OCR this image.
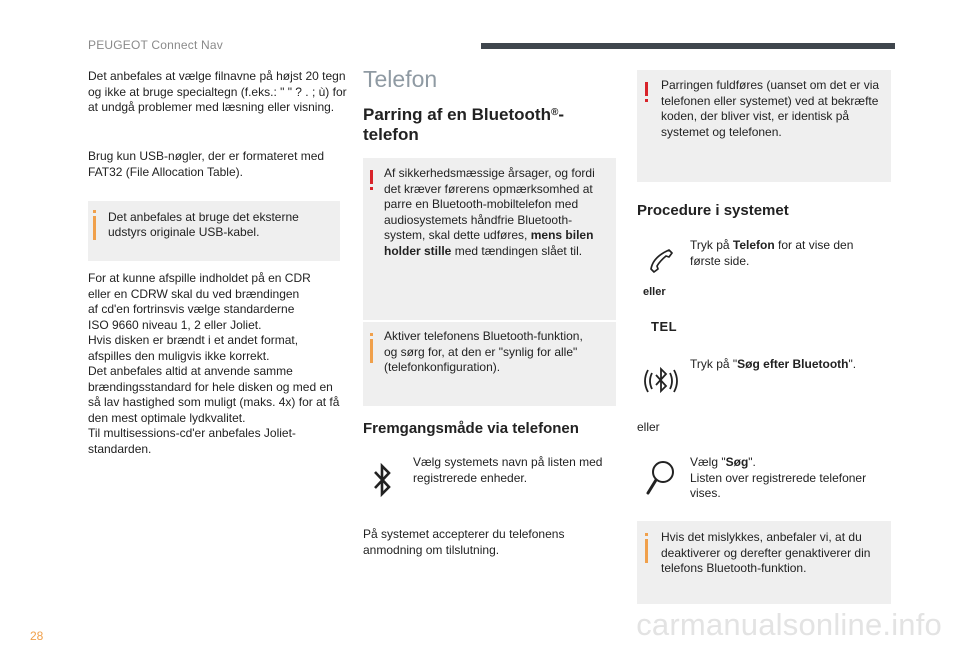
PEUGEOT Connect Nav

Det anbefales at vælge filnavne på højst 20 tegn

og ikke at bruge specialtegn (f.eks.: " " ? . ; ù) for

at undgå problemer med læsning eller visning.

Brug kun USB-nøgler, der er formateret med

FAT32 (File Allocation Table).

Det anbefales at bruge det eksterne

udstyrs originale USB-kabel.

For at kunne afspille indholdet på en CDR

eller en CDRW skal du ved brændingen

af cd'en fortrinsvis vælge standarderne

ISO 9660 niveau 1, 2 eller Joliet.

Hvis disken er brændt i et andet format,

afspilles den muligvis ikke korrekt.

Det anbefales altid at anvende samme

brændingsstandard for hele disken og med en

så lav hastighed som muligt (maks. 4x) for at få

den mest optimale lydkvalitet.

Til multisessions-cd'er anbefales Joliet-

standarden.

Telefon

Parring af en Bluetooth®-

telefon

Af sikkerhedsmæssige årsager, og fordi

det kræver førerens opmærksomhed at

parre en Bluetooth-mobiltelefon med

audiosystemets håndfrie Bluetooth-

system, skal dette udføres, mens bilen

holder stille med tændingen slået til.

Aktiver telefonens Bluetooth-funktion,

og sørg for, at den er "synlig for alle"

(telefonkonfiguration).

Fremgangsmåde via telefonen

Vælg systemets navn på listen med

registrerede enheder.

På systemet accepterer du telefonens

anmodning om tilslutning.

Parringen fuldføres (uanset om det er via

telefonen eller systemet) ved at bekræfte

koden, der bliver vist, er identisk på

systemet og telefonen.

Procedure i systemet

Tryk på Telefon for at vise den

første side.

eller
TEL

Tryk på "Søg efter Bluetooth".

eller

Vælg "Søg".

Listen over registrerede telefoner

vises.

Hvis det mislykkes, anbefaler vi, at du

deaktiverer og derefter genaktiverer din

telefons Bluetooth-funktion.

28	carmanualsonline.info
